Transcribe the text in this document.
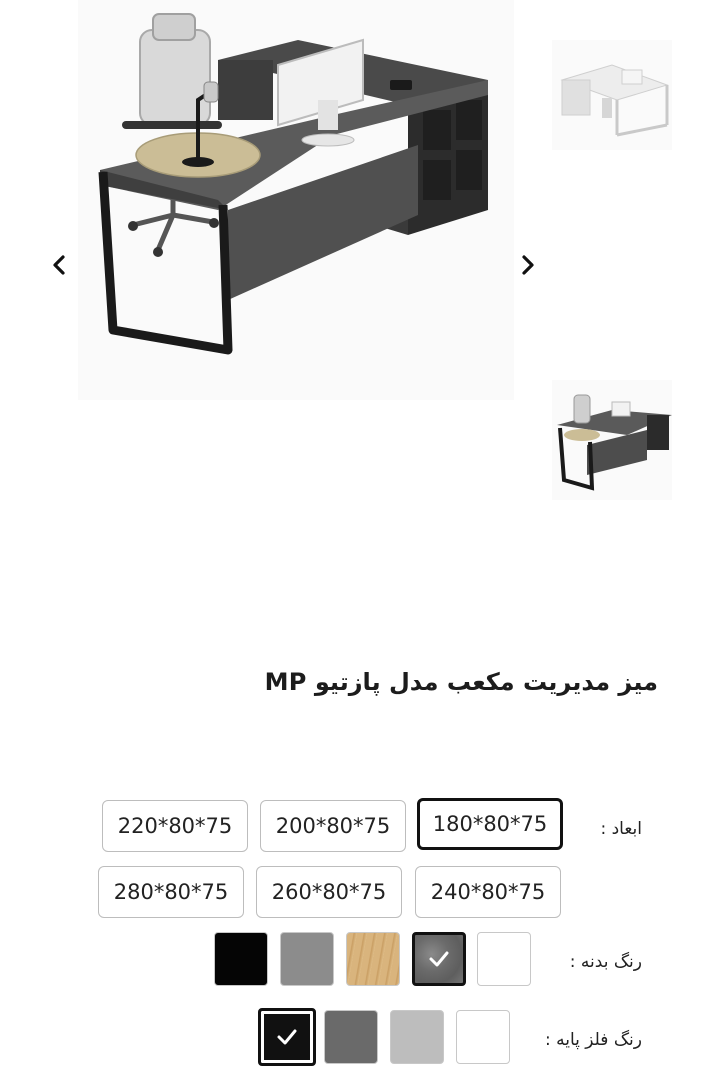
میز مدیریت مکعب مدل پازتیو MP
ابعاد :
180*80*75
200*80*75
220*80*75
240*80*75
260*80*75
280*80*75
رنگ بدنه :
رنگ فلز پایه :
